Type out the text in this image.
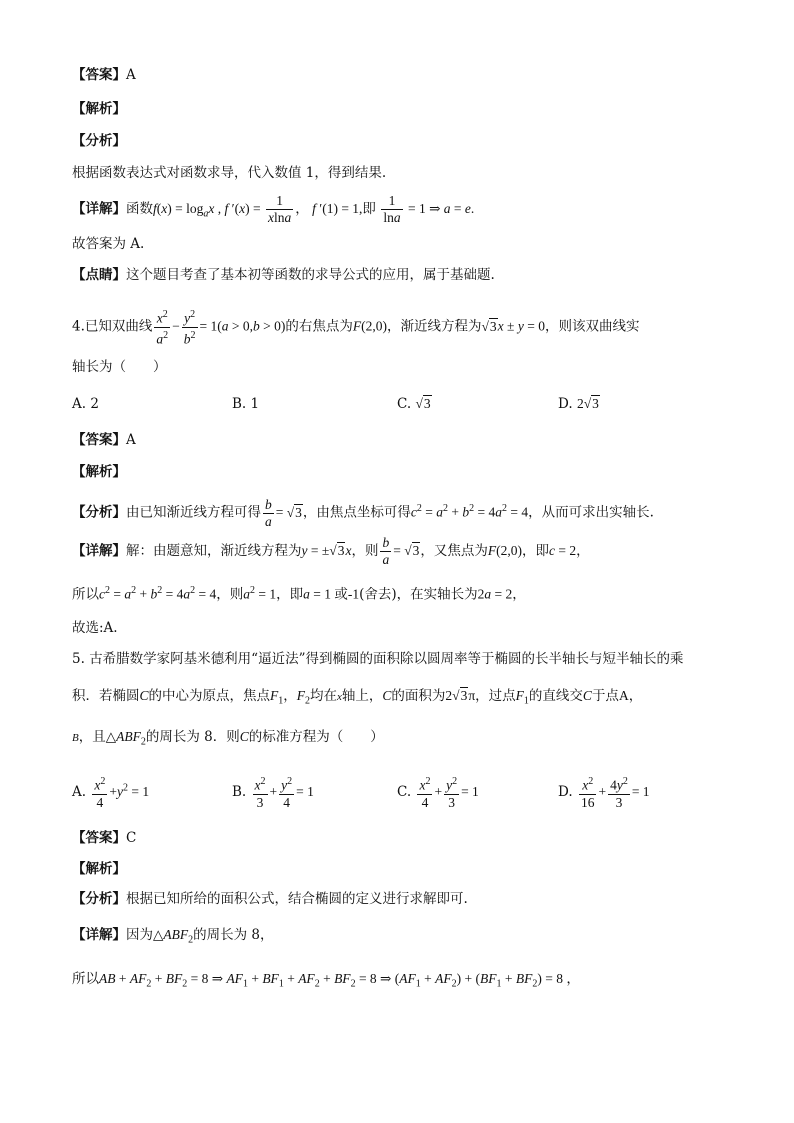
【答案】A
【解析】
【分析】
根据函数表达式对函数求导，代入数值 1，得到结果.
【详解】函数$f(x) = \log_ax$ , f $'(x) = \frac{1}{xlna}$ ， f ′(1) = 1,即 $\frac{1}{\ln a} = 1$ ⇒ a = e.
故答案为 A.
【点睛】这个题目考查了基本初等函数的求导公式的应用，属于基础题.
4.已知双曲线 $\frac{x^2}{a^2} - \frac{y^2}{b^2} = 1(a > 0,b > 0)$的右焦点为F(2,0)，渐近线方程为√3x ± y = 0，则该双曲线实
轴长为（　　）
A. 2	B. 1	C. √3	D. 2√3
【答案】A
【解析】
【分析】由已知渐近线方程可得 $\frac{b}{a} = √3$，由焦点坐标可得$c^2 = a^2 + b^2 = 4a^2 = 4$，从而可求出实轴长.
【详解】解：由题意知，渐近线方程为y = ±√3x，则 $\frac{b}{a} = √3$，又焦点为F(2,0)，即c = 2，
所以$c^2 = a^2 + b^2 = 4a^2 = 4$，则$a^2 = 1$，即a = 1 或-1(舍去)，在实轴长为2a = 2，
故选:A.
5. 古希腊数学家阿基米德利用“逼近法”得到椭圆的面积除以圆周率等于椭圆的长半轴长与短半轴长的乘
积．若椭圆C的中心为原点，焦点$F_1$，$F_2$均在x轴上，C的面积为2√3π，过点$F_1$的直线交C于点A，
B，且$\triangle ABF_2$的周长为 8．则C的标准方程为（　　）
A. $\frac{x^2}{4} +y^2 = 1$	B. $\frac{x^2}{3} + \frac{y^2}{4} = 1$	C. $\frac{x^2}{4} + \frac{y^2}{3} = 1$	D. $\frac{x^2}{16} + \frac{4y^2}{3} = 1$
【答案】C
【解析】
【分析】根据已知所给的面积公式，结合椭圆的定义进行求解即可.
【详解】因为$\triangle ABF_2$的周长为 8，
所以AB + $AF_2 + BF_2 = 8$ ⇒ $AF_1 + BF_1 + AF_2 + BF_2 = 8$ ⇒ $(AF_1 + AF_2) + (BF_1 + BF_2) = 8$ ，
